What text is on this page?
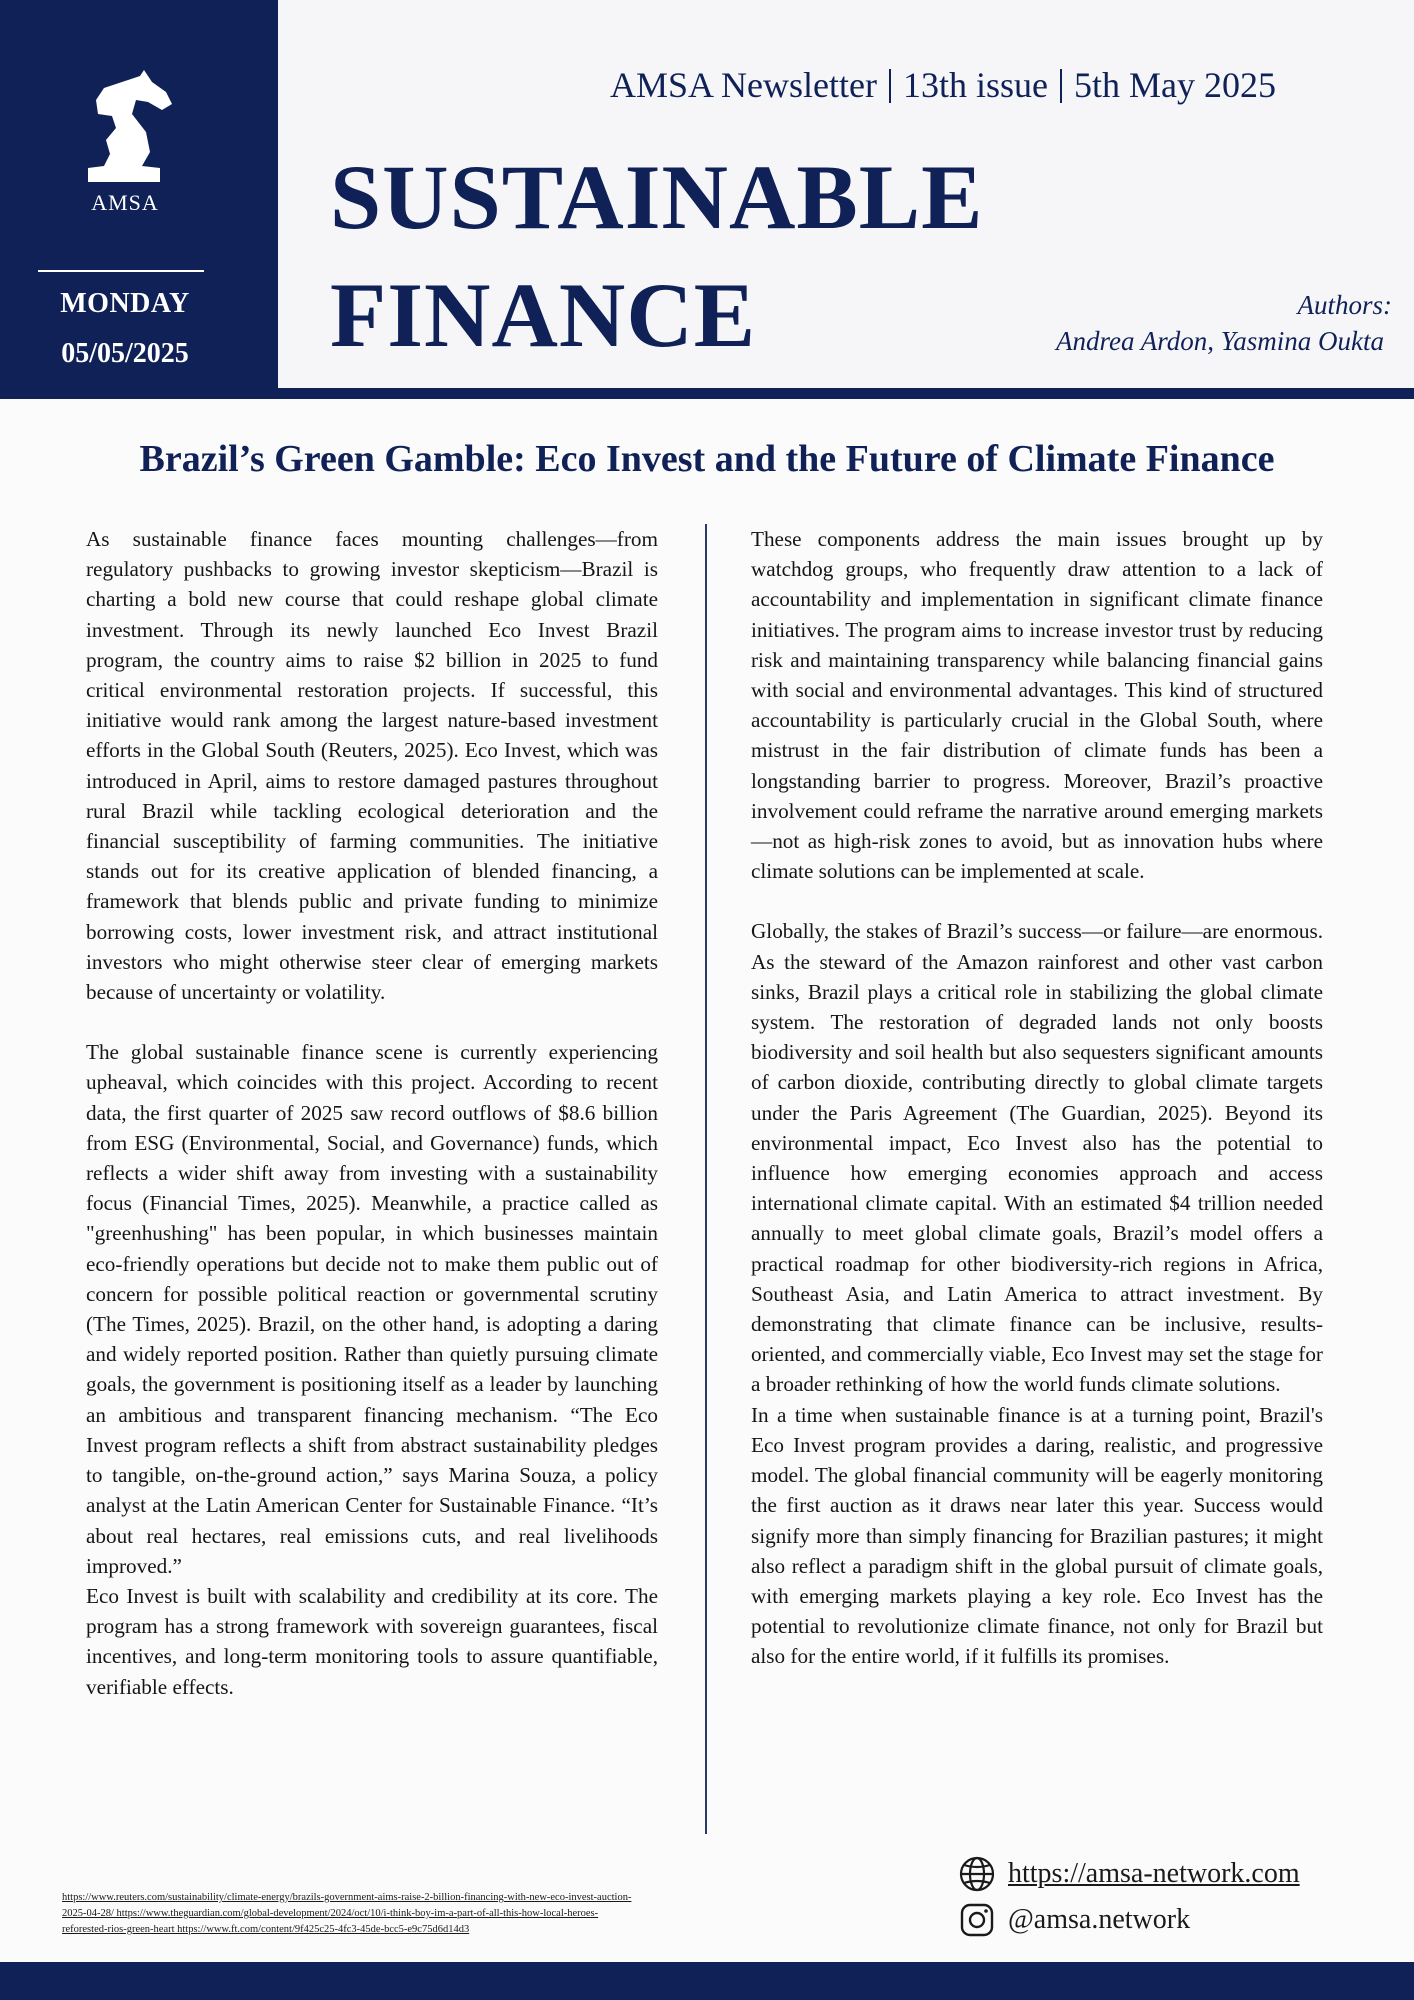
AMSA
MONDAY
05/05/2025
AMSA Newsletter 13th issue 5th May 2025
SUSTAINABLE
FINANCE	Authors:
Andrea Ardon, Yasmina Oukta
Brazil’s Green Gamble: Eco Invest and the Future of Climate Finance

As sustainable finance faces mounting challenges—from regulatory pushbacks to growing investor skepticism—Brazil is charting a bold new course that could reshape global climate investment. Through its newly launched Eco Invest Brazil program, the country aims to raise $2 billion in 2025 to fund critical environmental restoration projects. If successful, this initiative would rank among the largest nature-based investment efforts in the Global South (Reuters, 2025). Eco Invest, which was introduced in April, aims to restore damaged pastures throughout rural Brazil while tackling ecological deterioration and the financial susceptibility of farming communities. The initiative stands out for its creative application of blended financing, a framework that blends public and private funding to minimize borrowing costs, lower investment risk, and attract institutional investors who might otherwise steer clear of emerging markets because of uncertainty or volatility.

The global sustainable finance scene is currently experiencing upheaval, which coincides with this project. According to recent data, the first quarter of 2025 saw record outflows of $8.6 billion from ESG (Environmental, Social, and Governance) funds, which reflects a wider shift away from investing with a sustainability focus (Financial Times, 2025). Meanwhile, a practice called as "greenhushing" has been popular, in which businesses maintain eco-friendly operations but decide not to make them public out of concern for possible political reaction or governmental scrutiny (The Times, 2025). Brazil, on the other hand, is adopting a daring and widely reported position. Rather than quietly pursuing climate goals, the government is positioning itself as a leader by launching an ambitious and transparent financing mechanism. “The Eco Invest program reflects a shift from abstract sustainability pledges to tangible, on-the-ground action,” says Marina Souza, a policy analyst at the Latin American Center for Sustainable Finance. “It’s about real hectares, real emissions cuts, and real livelihoods improved.”

Eco Invest is built with scalability and credibility at its core. The program has a strong framework with sovereign guarantees, fiscal incentives, and long-term monitoring tools to assure quantifiable, verifiable effects.

These components address the main issues brought up by watchdog groups, who frequently draw attention to a lack of accountability and implementation in significant climate finance initiatives. The program aims to increase investor trust by reducing risk and maintaining transparency while balancing financial gains with social and environmental advantages. This kind of structured accountability is particularly crucial in the Global South, where mistrust in the fair distribution of climate funds has been a longstanding barrier to progress. Moreover, Brazil’s proactive involvement could reframe the narrative around emerging markets—not as high-risk zones to avoid, but as innovation hubs where climate solutions can be implemented at scale.

Globally, the stakes of Brazil’s success—or failure—are enormous. As the steward of the Amazon rainforest and other vast carbon sinks, Brazil plays a critical role in stabilizing the global climate system. The restoration of degraded lands not only boosts biodiversity and soil health but also sequesters significant amounts of carbon dioxide, contributing directly to global climate targets under the Paris Agreement (The Guardian, 2025). Beyond its environmental impact, Eco Invest also has the potential to influence how emerging economies approach and access international climate capital. With an estimated $4 trillion needed annually to meet global climate goals, Brazil’s model offers a practical roadmap for other biodiversity-rich regions in Africa, Southeast Asia, and Latin America to attract investment. By demonstrating that climate finance can be inclusive, results-oriented, and commercially viable, Eco Invest may set the stage for a broader rethinking of how the world funds climate solutions.

In a time when sustainable finance is at a turning point, Brazil's Eco Invest program provides a daring, realistic, and progressive model. The global financial community will be eagerly monitoring the first auction as it draws near later this year. Success would signify more than simply financing for Brazilian pastures; it might also reflect a paradigm shift in the global pursuit of climate goals, with emerging markets playing a key role. Eco Invest has the potential to revolutionize climate finance, not only for Brazil but also for the entire world, if it fulfills its promises.

https://www.reuters.com/sustainability/climate-energy/brazils-government-aims-raise-2-billion-financing-with-new-eco-invest-auction-
2025-04-28/ https://www.theguardian.com/global-development/2024/oct/10/i-think-boy-im-a-part-of-all-this-how-local-heroes-
reforested-rios-green-heart https://www.ft.com/content/9f425c25-4fc3-45de-bcc5-e9c75d6d14d3
https://amsa-network.com
@amsa.network
